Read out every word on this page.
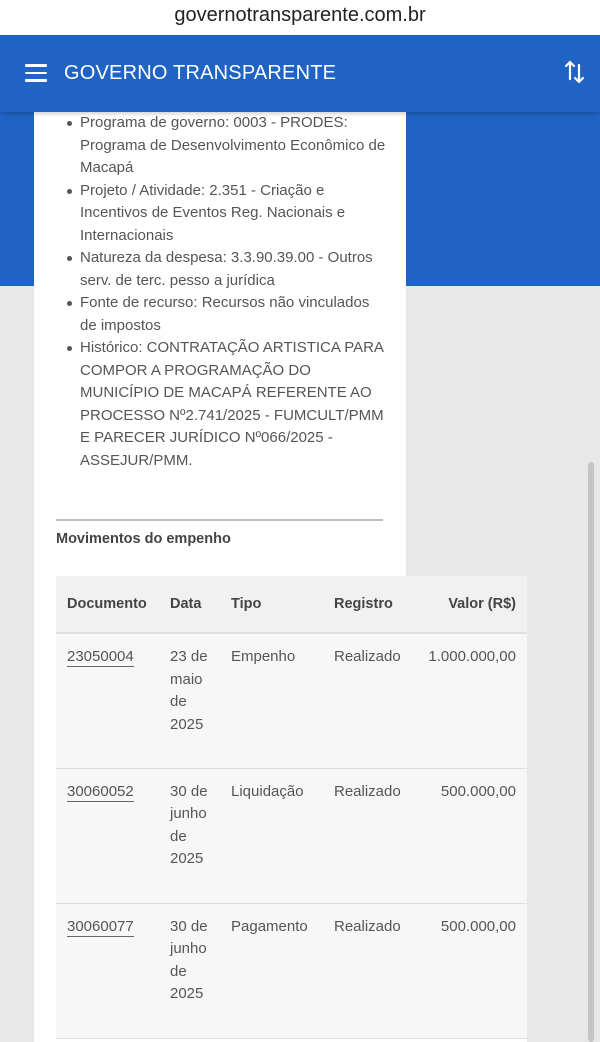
governotransparente.com.br
GOVERNO TRANSPARENTE
Programa de governo: 0003 - PRODES: Programa de Desenvolvimento Econômico de Macapá
Projeto / Atividade: 2.351 - Criação e Incentivos de Eventos Reg. Nacionais e Internacionais
Natureza da despesa: 3.3.90.39.00 - Outros serv. de terc. pesso a jurídica
Fonte de recurso: Recursos não vinculados de impostos
Histórico: CONTRATAÇÃO ARTISTICA PARA COMPOR A PROGRAMAÇÃO DO MUNICÍPIO DE MACAPÁ REFERENTE AO PROCESSO Nº2.741/2025 - FUMCULT/PMM E PARECER JURÍDICO Nº066/2025 - ASSEJUR/PMM.
Movimentos do empenho
Documento	Data	Tipo	Registro	Valor (R$)
23050004	23 de maio de 2025	Empenho	Realizado	1.000.000,00
30060052	30 de junho de 2025	Liquidação	Realizado	500.000,00
30060077	30 de junho de 2025	Pagamento	Realizado	500.000,00
